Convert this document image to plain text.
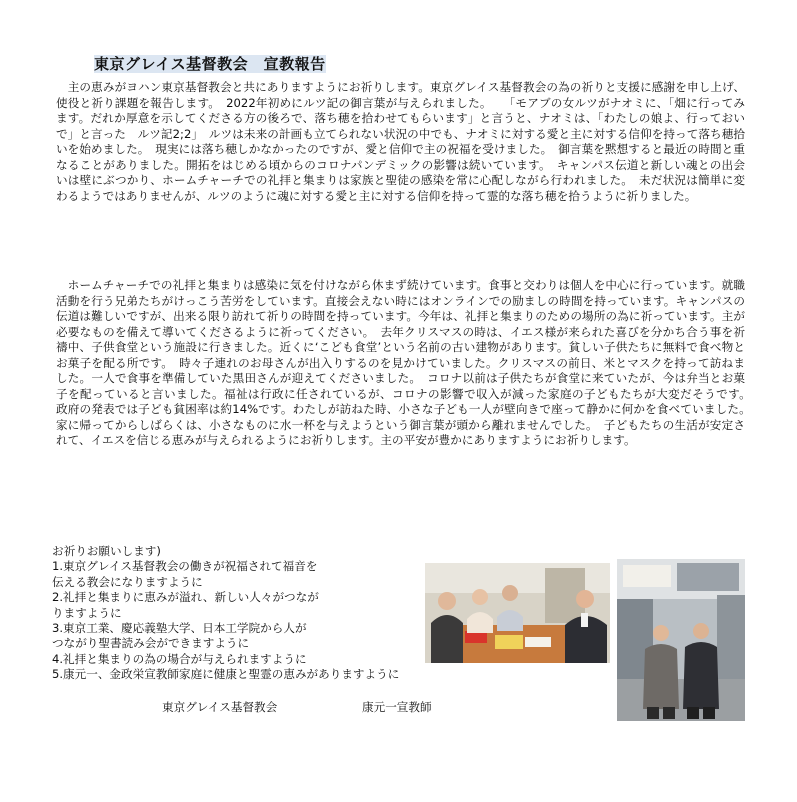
東京グレイス基督教会　宣教報告
　主の恵みがヨハン東京基督教会と共にありますようにお祈りします。東京グレイス基督教会の為の祈りと支援に感謝を申し上げ、使役と祈り課題を報告します。　2022年初めにルツ記の御言葉が与えられました。　　「モアブの女ルツがナオミに、「畑に行ってみます。だれか厚意を示してくださる方の後ろで、落ち穂を拾わせてもらいます」と言うと、ナオミは、「わたしの娘よ、行っておいで」と言った　ルツ記2;2」　ルツは未来の計画も立てられない状況の中でも、ナオミに対する愛と主に対する信仰を持って落ち穂拾いを始めました。　現実には落ち穂しかなかったのですが、愛と信仰で主の祝福を受けました。　御言葉を黙想すると最近の時間と重なることがありました。開拓をはじめる頃からのコロナパンデミックの影響は続いています。　キャンパス伝道と新しい魂との出会いは壁にぶつかり、ホームチャーチでの礼拝と集まりは家族と聖徒の感染を常に心配しながら行われました。　未だ状況は簡単に変わるようではありませんが、ルツのように魂に対する愛と主に対する信仰を持って霊的な落ち穂を拾うように祈りました。
　ホームチャーチでの礼拝と集まりは感染に気を付けながら休まず続けています。食事と交わりは個人を中心に行っています。就職活動を行う兄弟たちがけっこう苦労をしています。直接会えない時にはオンラインでの励ましの時間を持っています。キャンパスの伝道は難しいですが、出来る限り訪れて祈りの時間を持っています。今年は、礼拝と集まりのための場所の為に祈っています。主が必要なものを備えて導いてくださるように祈ってください。　去年クリスマスの時は、イエス様が来られた喜びを分かち合う事を祈禱中、子供食堂という施設に行きました。近くに‘こども食堂’という名前の古い建物があります。貧しい子供たちに無料で食べ物とお菓子を配る所です。　時々子連れのお母さんが出入りするのを見かけていました。クリスマスの前日、米とマスクを持って訪ねました。一人で食事を準備していた黒田さんが迎えてくださいました。　コロナ以前は子供たちが食堂に来ていたが、今は弁当とお菓子を配っていると言いました。福祉は行政に任されているが、コロナの影響で収入が減った家庭の子どもたちが大変だそうです。　政府の発表では子ども貧困率は約14%です。わたしが訪ねた時、小さな子ども一人が壁向きで座って静かに何かを食べていました。　家に帰ってからしばらくは、小さなものに水一杯を与えようという御言葉が頭から離れませんでした。　子どもたちの生活が安定されて、イエスを信じる恵みが与えられるようにお祈りします。主の平安が豊かにありますようにお祈りします。
お祈りお願いします)
1.東京グレイス基督教会の働きが祝福されて福音を
伝える教会になりますように
2.礼拝と集まりに恵みが溢れ、新しい人々がつなが
りますように
3.東京工業、慶応義塾大学、日本工学院から人が
つながり聖書読み会ができますように
4.礼拝と集まりの為の場合が与えられますように
5.康元一、金政栄宣教師家庭に健康と聖霊の恵みがありますように
東京グレイス基督教会	康元一宣教師
